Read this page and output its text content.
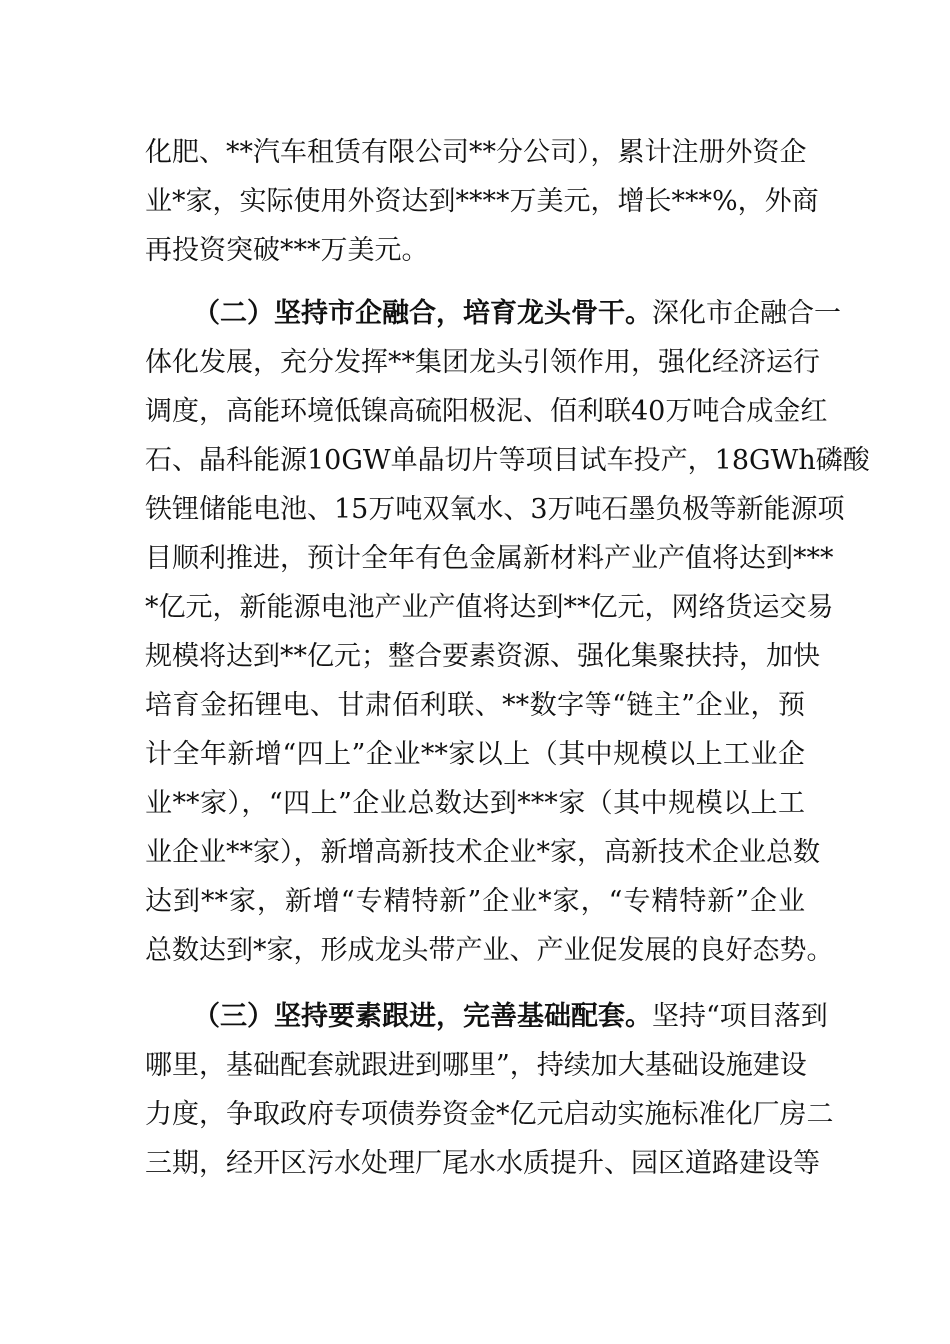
化肥、**汽车租赁有限公司**分公司），累计注册外资企
业*家，实际使用外资达到****万美元，增长***%，外商
再投资突破***万美元。
（二）坚持市企融合，培育龙头骨干。深化市企融合一
体化发展，充分发挥**集团龙头引领作用，强化经济运行
调度，高能环境低镍高硫阳极泥、佰利联40万吨合成金红
石、晶科能源10GW单晶切片等项目试车投产，18GWh磷酸
铁锂储能电池、15万吨双氧水、3万吨石墨负极等新能源项
目顺利推进，预计全年有色金属新材料产业产值将达到***
*亿元，新能源电池产业产值将达到**亿元，网络货运交易
规模将达到**亿元；整合要素资源、强化集聚扶持，加快
培育金拓锂电、甘肃佰利联、**数字等“链主”企业，预
计全年新增“四上”企业**家以上（其中规模以上工业企
业**家），“四上”企业总数达到***家（其中规模以上工
业企业**家），新增高新技术企业*家，高新技术企业总数
达到**家，新增“专精特新”企业*家，“专精特新”企业
总数达到*家，形成龙头带产业、产业促发展的良好态势。
（三）坚持要素跟进，完善基础配套。坚持“项目落到
哪里，基础配套就跟进到哪里”，持续加大基础设施建设
力度，争取政府专项债券资金*亿元启动实施标准化厂房二
三期，经开区污水处理厂尾水水质提升、园区道路建设等
